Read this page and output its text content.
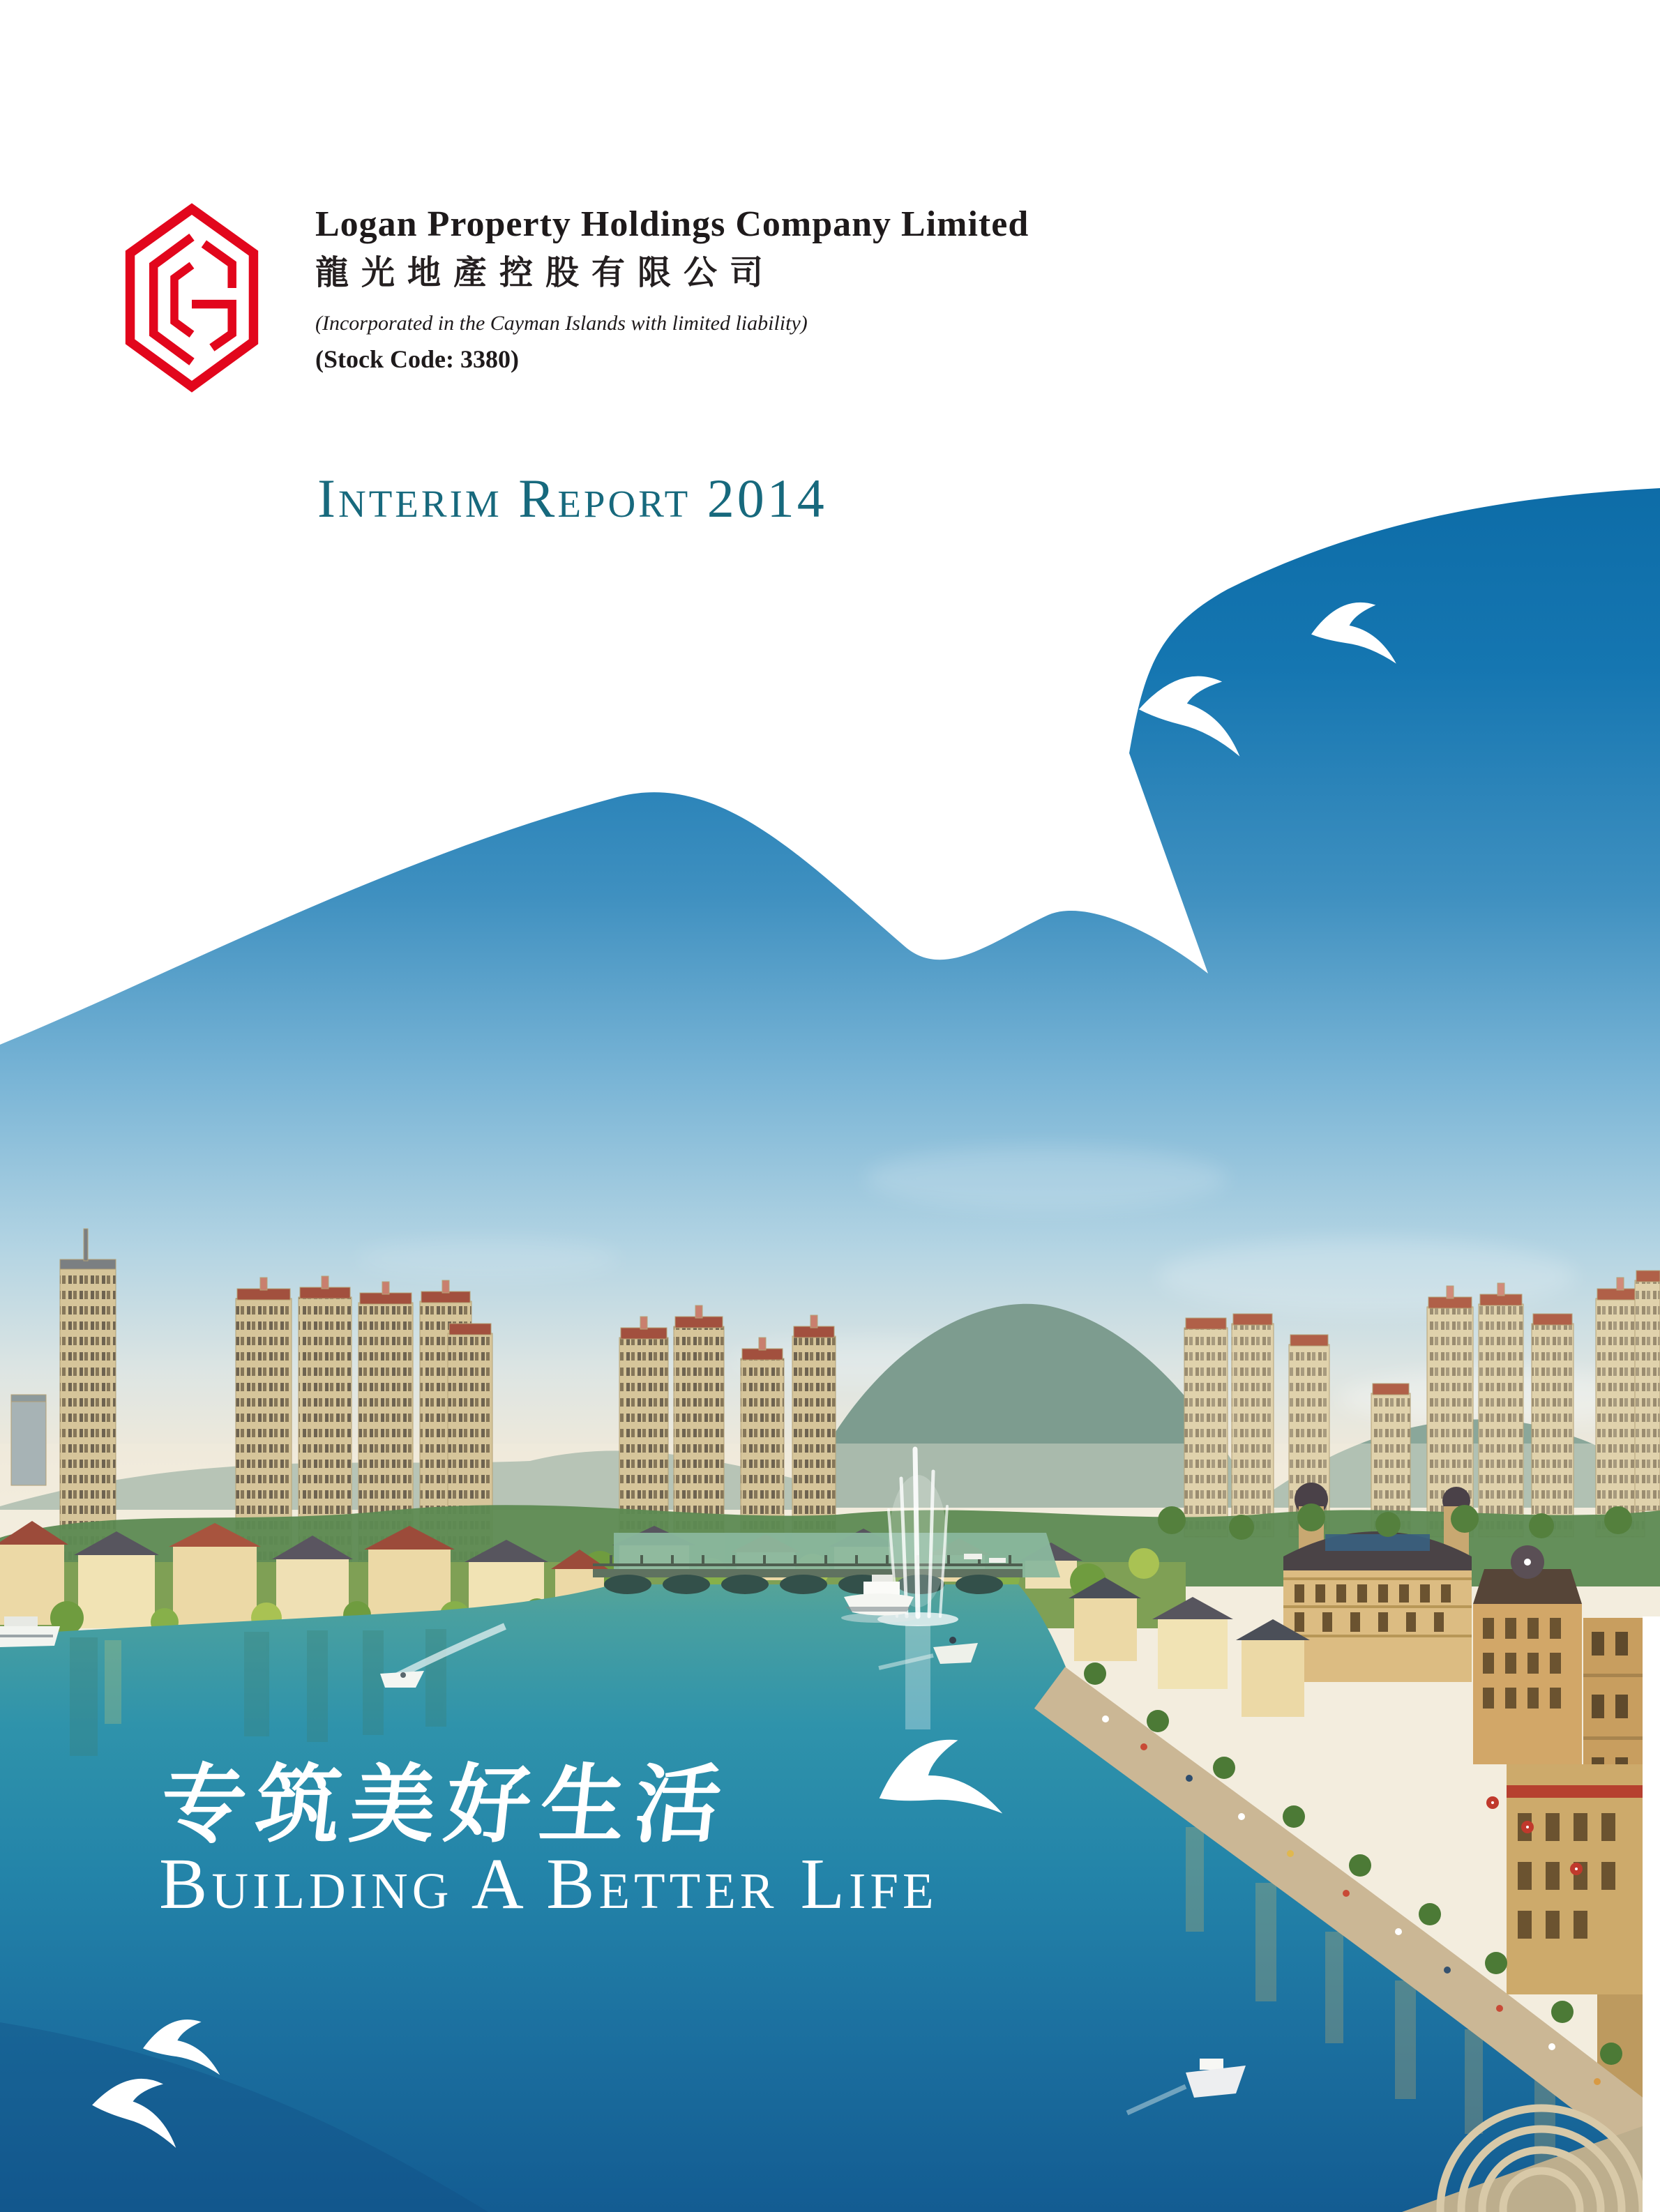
Logan Property Holdings Company Limited
龍光地產控股有限公司
(Incorporated in the Cayman Islands with limited liability)
(Stock Code: 3380)
Interim Report 2014
专筑美好生活
Building A Better Life
